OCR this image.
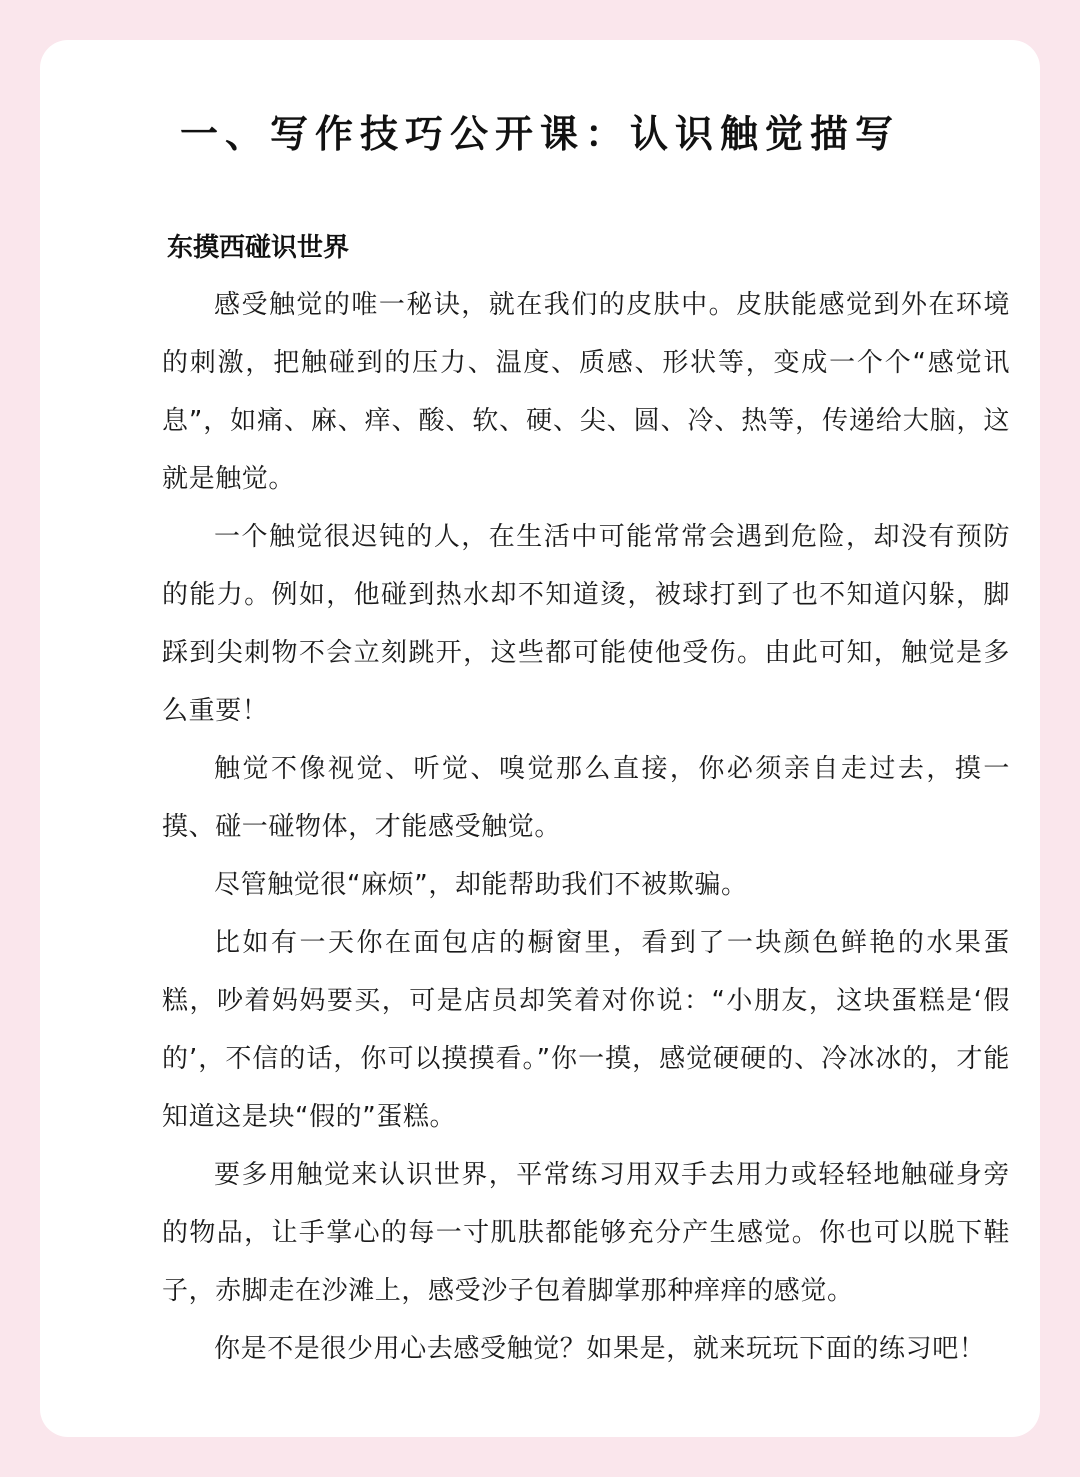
一、写作技巧公开课：认识触觉描写
东摸西碰识世界

感受触觉的唯一秘诀，就在我们的皮肤中。皮肤能感觉到外在环境的刺激，把触碰到的压力、温度、质感、形状等，变成一个个“感觉讯息”，如痛、麻、痒、酸、软、硬、尖、圆、冷、热等，传递给大脑，这就是触觉。

一个触觉很迟钝的人，在生活中可能常常会遇到危险，却没有预防的能力。例如，他碰到热水却不知道烫，被球打到了也不知道闪躲，脚踩到尖刺物不会立刻跳开，这些都可能使他受伤。由此可知，触觉是多么重要！

触觉不像视觉、听觉、嗅觉那么直接，你必须亲自走过去，摸一摸、碰一碰物体，才能感受触觉。

尽管触觉很“麻烦”，却能帮助我们不被欺骗。

比如有一天你在面包店的橱窗里，看到了一块颜色鲜艳的水果蛋糕，吵着妈妈要买，可是店员却笑着对你说：“小朋友，这块蛋糕是‘假的’，不信的话，你可以摸摸看。”你一摸，感觉硬硬的、冷冰冰的，才能知道这是块“假的”蛋糕。

要多用触觉来认识世界，平常练习用双手去用力或轻轻地触碰身旁的物品，让手掌心的每一寸肌肤都能够充分产生感觉。你也可以脱下鞋子，赤脚走在沙滩上，感受沙子包着脚掌那种痒痒的感觉。

你是不是很少用心去感受触觉？如果是，就来玩玩下面的练习吧！
